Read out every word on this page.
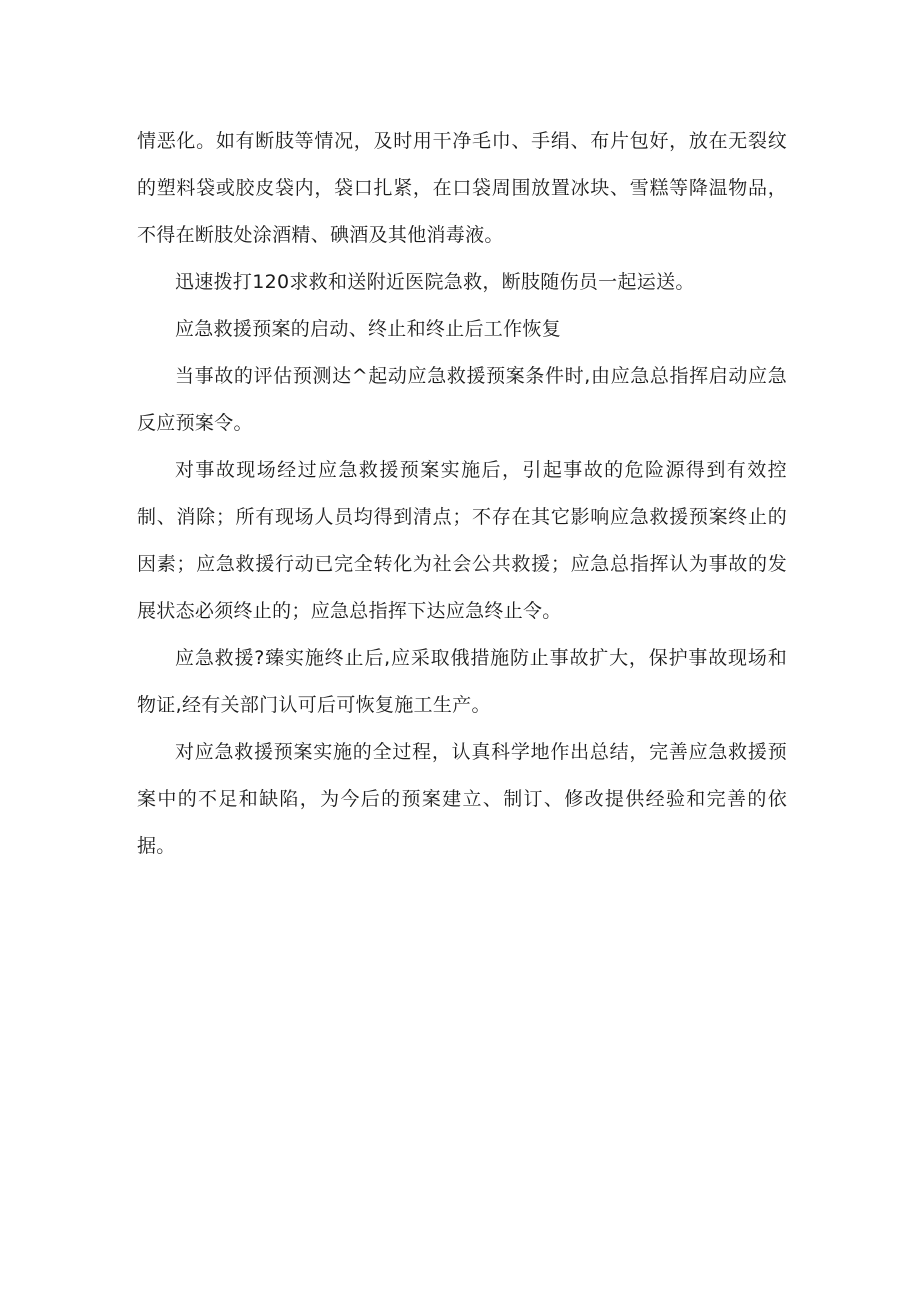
情恶化。如有断肢等情况，及时用干净毛巾、手绢、布片包好，放在无裂纹的塑料袋或胶皮袋内，袋口扎紧，在口袋周围放置冰块、雪糕等降温物品，不得在断肢处涂酒精、碘酒及其他消毒液。

迅速拨打120求救和送附近医院急救，断肢随伤员一起运送。

应急救援预案的启动、终止和终止后工作恢复

当事故的评估预测达^起动应急救援预案条件时,由应急总指挥启动应急反应预案令。

对事故现场经过应急救援预案实施后，引起事故的危险源得到有效控制、消除；所有现场人员均得到清点；不存在其它影响应急救援预案终止的因素；应急救援行动已完全转化为社会公共救援；应急总指挥认为事故的发展状态必须终止的；应急总指挥下达应急终止令。

应急救援?臻实施终止后,应采取俄措施防止事故扩大，保护事故现场和物证,经有关部门认可后可恢复施工生产。

对应急救援预案实施的全过程，认真科学地作出总结，完善应急救援预案中的不足和缺陷，为今后的预案建立、制订、修改提供经验和完善的依据。
